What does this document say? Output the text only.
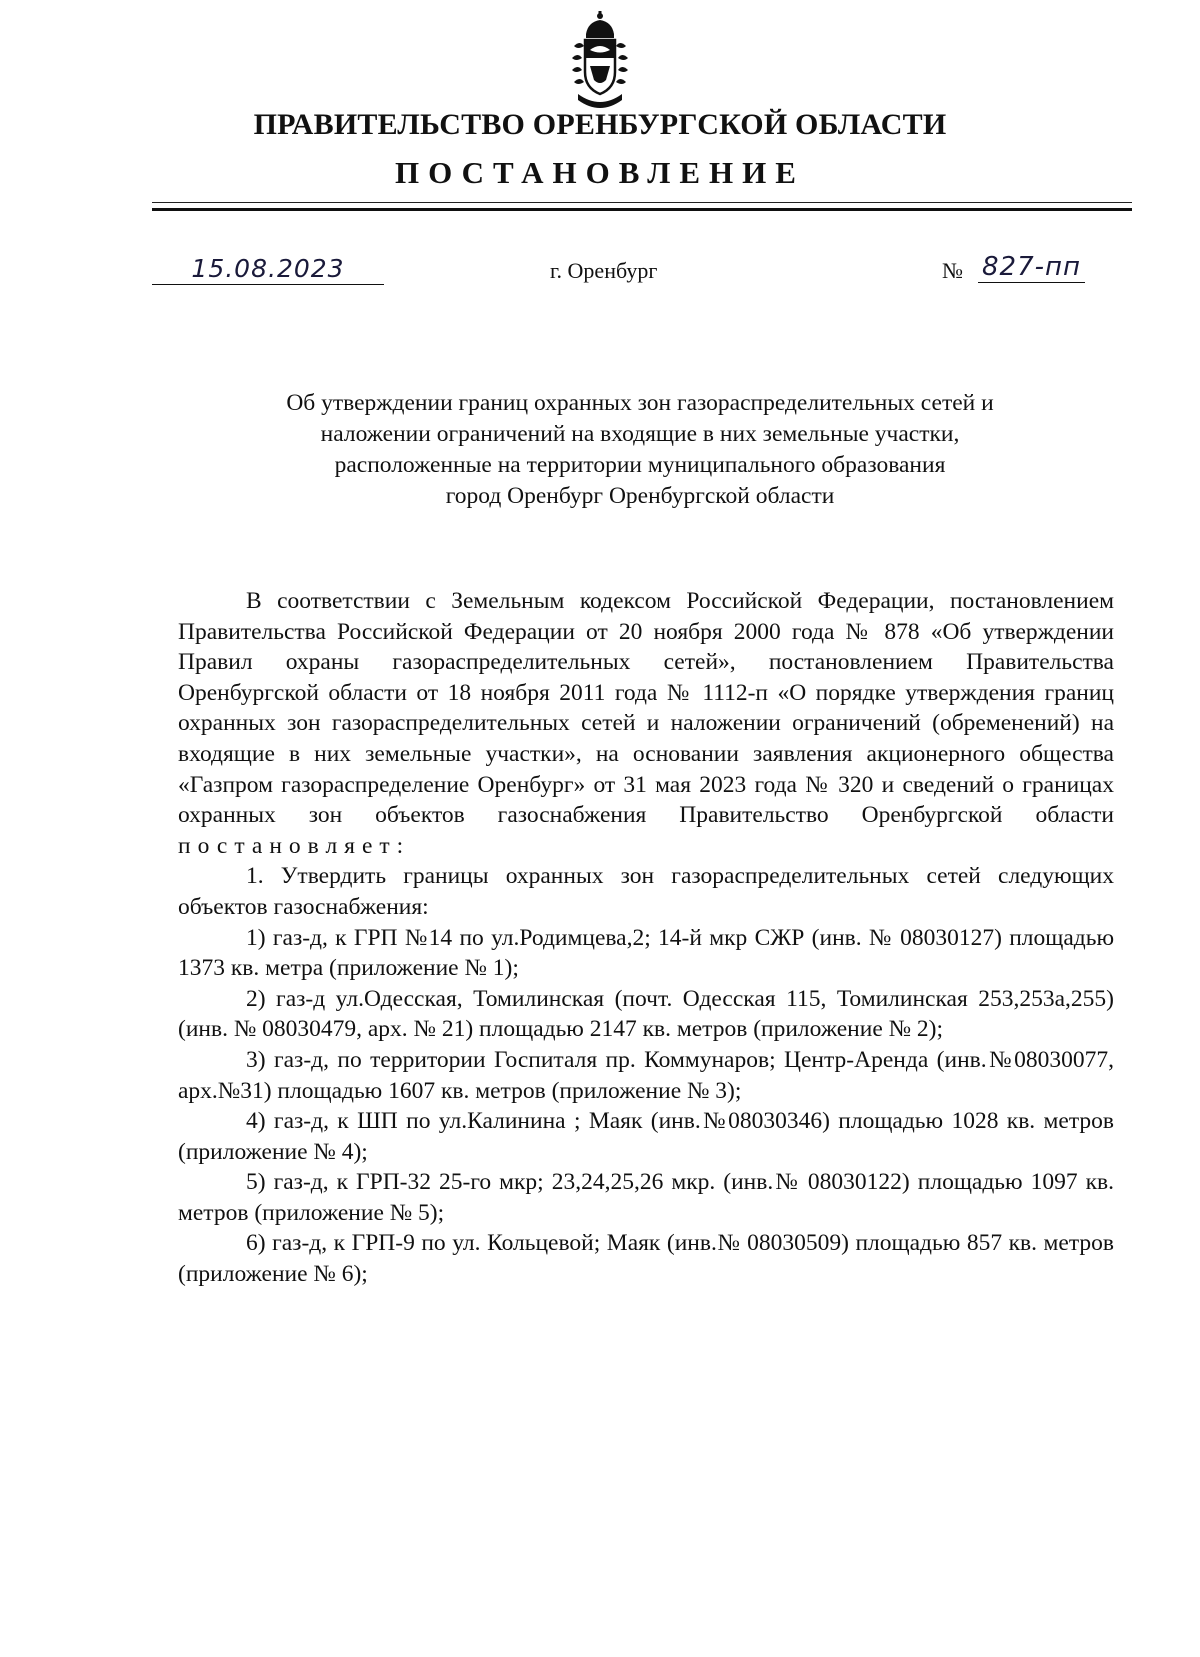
ПРАВИТЕЛЬСТВО ОРЕНБУРГСКОЙ ОБЛАСТИ
ПОСТАНОВЛЕНИЕ
15.08.2023	г. Оренбург	№ 827-пп
Об утверждении границ охранных зон газораспределительных сетей и
наложении ограничений на входящие в них земельные участки,
расположенные на территории муниципального образования
город Оренбург Оренбургской области

В соответствии с Земельным кодексом Российской Федерации, постановлением Правительства Российской Федерации от 20 ноября 2000 года № 878 «Об утверждении Правил охраны газораспределительных сетей», постановлением Правительства Оренбургской области от 18 ноября 2011 года № 1112-п «О порядке утверждения границ охранных зон газораспределительных сетей и наложении ограничений (обременений) на входящие в них земельные участки», на основании заявления акционерного общества «Газпром газораспределение Оренбург» от 31 мая 2023 года № 320 и сведений о границах охранных зон объектов газоснабжения Правительство Оренбургской области постановляет:

1. Утвердить границы охранных зон газораспределительных сетей следующих объектов газоснабжения:

1) газ-д, к ГРП №14 по ул.Родимцева,2; 14-й мкр СЖР (инв. № 08030127) площадью 1373 кв. метра (приложение № 1);

2) газ-д ул.Одесская, Томилинская (почт. Одесская 115, Томилинская 253,253а,255) (инв. № 08030479, арх. № 21) площадью 2147 кв. метров (приложение № 2);

3) газ-д, по территории Госпиталя пр. Коммунаров; Центр-Аренда (инв.№08030077, арх.№31) площадью 1607 кв. метров (приложение № 3);

4) газ-д, к ШП по ул.Калинина ; Маяк (инв.№08030346) площадью 1028 кв. метров (приложение № 4);

5) газ-д, к ГРП-32 25-го мкр; 23,24,25,26 мкр. (инв.№ 08030122) площадью 1097 кв. метров (приложение № 5);

6) газ-д, к ГРП-9 по ул. Кольцевой; Маяк (инв.№ 08030509) площадью 857 кв. метров (приложение № 6);
